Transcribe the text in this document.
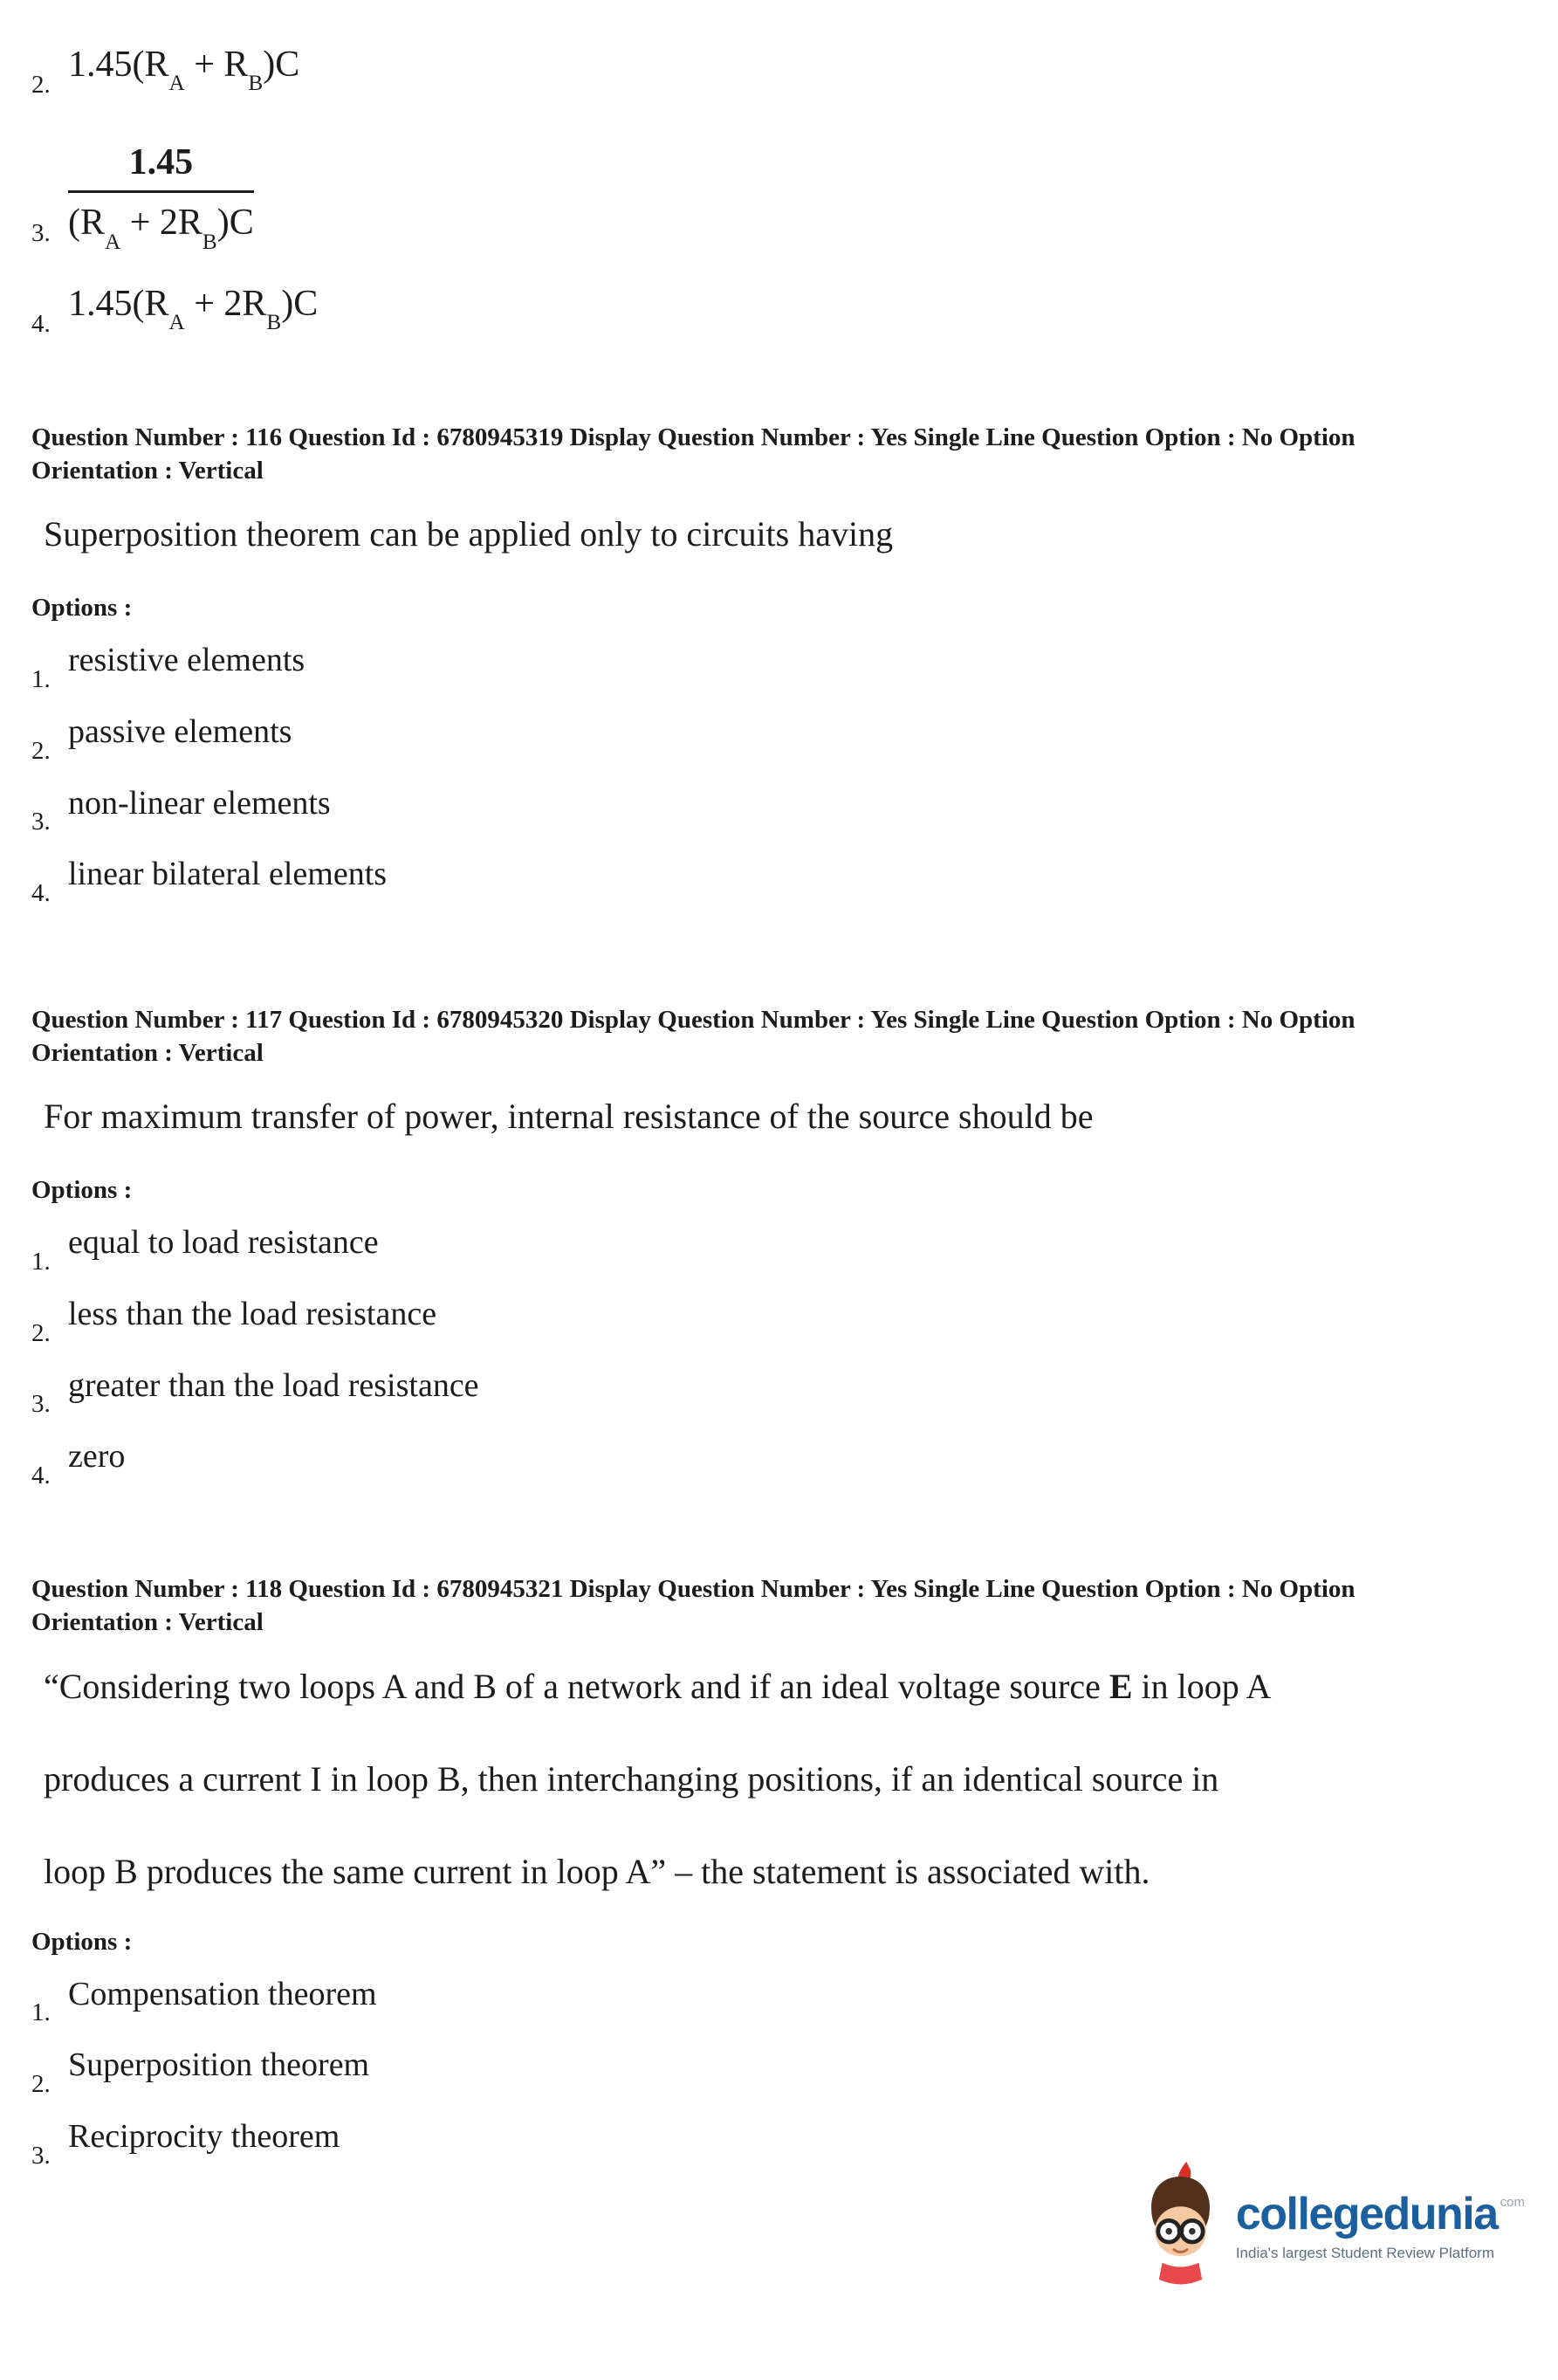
2.
$1.45(R_A + R_B)C$
3. $\frac{1.45}{(R_A + 2R_B)C}$
4.
$1.45(R_A + 2R_B)C$
Question Number : 116 Question Id : 6780945319 Display Question Number : Yes Single Line Question Option : No Option
Orientation : Vertical
Superposition theorem can be applied only to circuits having
Options :
1.
resistive elements
2.
passive elements
3.
non-linear elements
4.
linear bilateral elements
Question Number : 117 Question Id : 6780945320 Display Question Number : Yes Single Line Question Option : No Option
Orientation : Vertical
For maximum transfer of power, internal resistance of the source should be
Options :
1.
equal to load resistance
2.
less than the load resistance
3.
greater than the load resistance
4.
zero
Question Number : 118 Question Id : 6780945321 Display Question Number : Yes Single Line Question Option : No Option
Orientation : Vertical
“Considering two loops A and B of a network and if an ideal voltage source E in loop A
produces a current I in loop B, then interchanging positions, if an identical source in
loop B produces the same current in loop A” – the statement is associated with.
Options :
1.
Compensation theorem
2.
Superposition theorem
3.
Reciprocity theorem
collegedunia com
India's largest Student Review Platform
